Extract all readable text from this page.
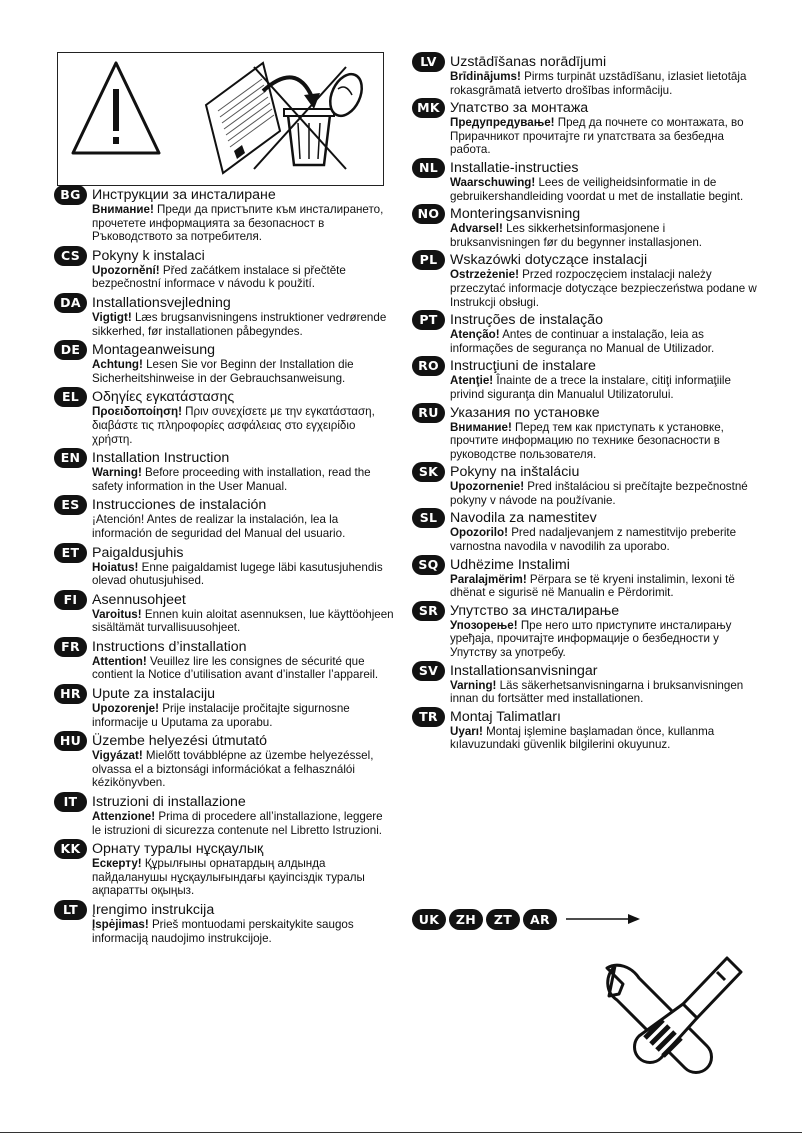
BG Инструкции за инсталиране

Внимание! Преди да пристъпите към инсталирането, прочетете информацията за безопасност в Ръководството за потребителя.

CS Pokyny k instalaci

Upozornění! Před začátkem instalace si přečtěte bezpečnostní informace v návodu k použití.

DA Installationsvejledning

Vigtigt! Læs brugsanvisningens instruktioner vedrørende sikkerhed, før installationen påbegyndes.

DE Montageanweisung

Achtung! Lesen Sie vor Beginn der Installation die Sicherheitshinweise in der Gebrauchsanweisung.

EL Οδηγίες εγκατάστασης

Προειδοποίηση! Πριν συνεχίσετε με την εγκατάσταση, διαβάστε τις πληροφορίες ασφάλειας στο εγχειρίδιο χρήστη.

EN Installation Instruction

Warning! Before proceeding with installation, read the safety information in the User Manual.

ES Instrucciones de instalación

¡Atención! Antes de realizar la instalación, lea la información de seguridad del Manual del usuario.

ET Paigaldusjuhis

Hoiatus! Enne paigaldamist lugege läbi kasutusjuhendis olevad ohutusjuhised.

FI	Asennusohjeet

Varoitus! Ennen kuin aloitat asennuksen, lue käyttöohjeen sisältämät turvallisuusohjeet.

FR Instructions d’installation

Attention! Veuillez lire les consignes de sécurité que contient la Notice d’utilisation avant d’installer l’appareil.

HR Upute za instalaciju

Upozorenje! Prije instalacije pročitajte sigurnosne informacije u Uputama za uporabu.

HU Üzembe helyezési útmutató

Vigyázat! Mielőtt továbblépne az üzembe helyezéssel, olvassa el a biztonsági információkat a felhasználói kézikönyvben.

IT	Istruzioni di installazione

Attenzione! Prima di procedere all’installazione, leggere le istruzioni di sicurezza contenute nel Libretto Istruzioni.

KK Орнату туралы нұсқаулық

Ескерту! Құрылғыны орнатардың алдында пайдаланушы нұсқаулығындағы қауіпсіздік туралы ақпаратты оқыңыз.

LT Įrengimo instrukcija

Įspėjimas! Prieš montuodami perskaitykite saugos informaciją naudojimo instrukcijoje.

LV Uzstādīšanas norādījumi

Brīdinājums! Pirms turpināt uzstādīšanu, izlasiet lietotāja rokasgrāmatā ietverto drošības informāciju.

MK Упатство за монтажа

Предупредување! Пред да почнете со монтажата, во Прирачникот прочитајте ги упатствата за безбедна работа.

NL Installatie-instructies

Waarschuwing! Lees de veiligheidsinformatie in de gebruikershandleiding voordat u met de installatie begint.

NO Monteringsanvisning

Advarsel! Les sikkerhetsinformasjonene i bruksanvisningen før du begynner installasjonen.

PL Wskazówki dotyczące instalacji

Ostrzeżenie! Przed rozpoczęciem instalacji należy przeczytać informacje dotyczące bezpieczeństwa podane w Instrukcji obsługi.

PT Instruções de instalação

Atenção! Antes de continuar a instalação, leia as informações de segurança no Manual de Utilizador.

RO Instrucţiuni de instalare

Atenţie! Înainte de a trece la instalare, citiţi informaţiile privind siguranţa din Manualul Utilizatorului.

RU Указания по установке

Внимание! Перед тем как приступать к установке, прочтите информацию по технике безопасности в руководстве пользователя.

SK Pokyny na inštaláciu

Upozornenie! Pred inštaláciou si prečítajte bezpečnostné pokyny v návode na používanie.

SL Navodila za namestitev

Opozorilo! Pred nadaljevanjem z namestitvijo preberite varnostna navodila v navodilih za uporabo.

SQ Udhëzime Instalimi

Paralajmërim! Përpara se të kryeni instalimin, lexoni të dhënat e sigurisë në Manualin e Përdorimit.

SR Упутство за инсталирање

Упозорење! Пре него што приступите инсталирању уређаја, прочитајте информације о безбедности у Упутству за употребу.

SV Installationsanvisningar

Varning! Läs säkerhetsanvisningarna i bruksanvisningen innan du fortsätter med installationen.

TR Montaj Talimatları

Uyarı! Montaj işlemine başlamadan önce, kullanma kılavuzundaki güvenlik bilgilerini okuyunuz.

UK	ZH	ZT	AR
